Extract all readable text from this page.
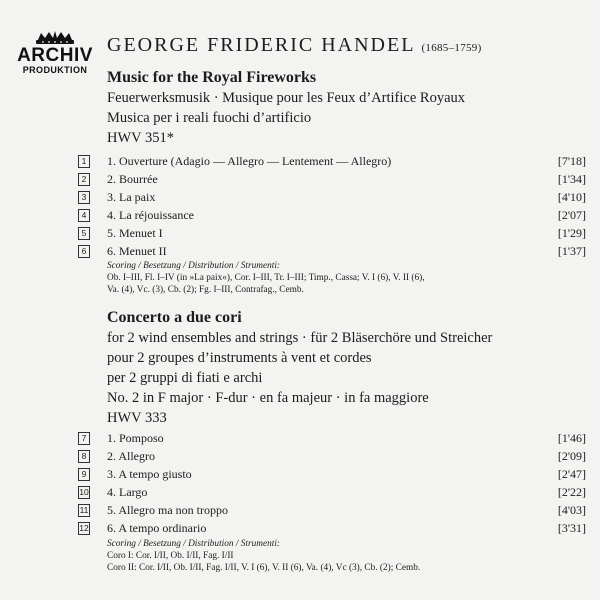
ARCHIV
PRODUKTION
GEORGE FRIDERIC HANDEL (1685–1759)
Music for the Royal Fireworks
Feuerwerksmusik · Musique pour les Feux d’Artifice Royaux
Musica per i reali fuochi d’artificio
HWV 351*
1	1. Ouverture (Adagio — Allegro — Lentement — Allegro)	[7'18]
2	2. Bourrée	[1'34]
3	3. La paix	[4'10]
4	4. La réjouissance	[2'07]
5	5. Menuet I	[1'29]
6	6. Menuet II	[1'37]
Scoring / Besetzung / Distribution / Strumenti:
Ob. I–III, Fl. I–IV (in »La paix«), Cor. I–III, Tr. I–III; Timp., Cassa; V. I (6), V. II (6),
Va. (4), Vc. (3), Cb. (2); Fg. I–III, Contrafag., Cemb.
Concerto a due cori
for 2 wind ensembles and strings · für 2 Bläserchöre und Streicher
pour 2 groupes d’instruments à vent et cordes
per 2 gruppi di fiati e archi
No. 2 in F major · F-dur · en fa majeur · in fa maggiore
HWV 333
7	1. Pomposo	[1'46]
8	2. Allegro	[2'09]
9	3. A tempo giusto	[2'47]
10 4. Largo	[2'22]
11 5. Allegro ma non troppo	[4'03]
12 6. A tempo ordinario	[3'31]
Scoring / Besetzung / Distribution / Strumenti:
Coro I: Cor. I/II, Ob. I/II, Fag. I/II
Coro II: Cor. I/II, Ob. I/II, Fag. I/II, V. I (6), V. II (6), Va. (4), Vc (3), Cb. (2); Cemb.
